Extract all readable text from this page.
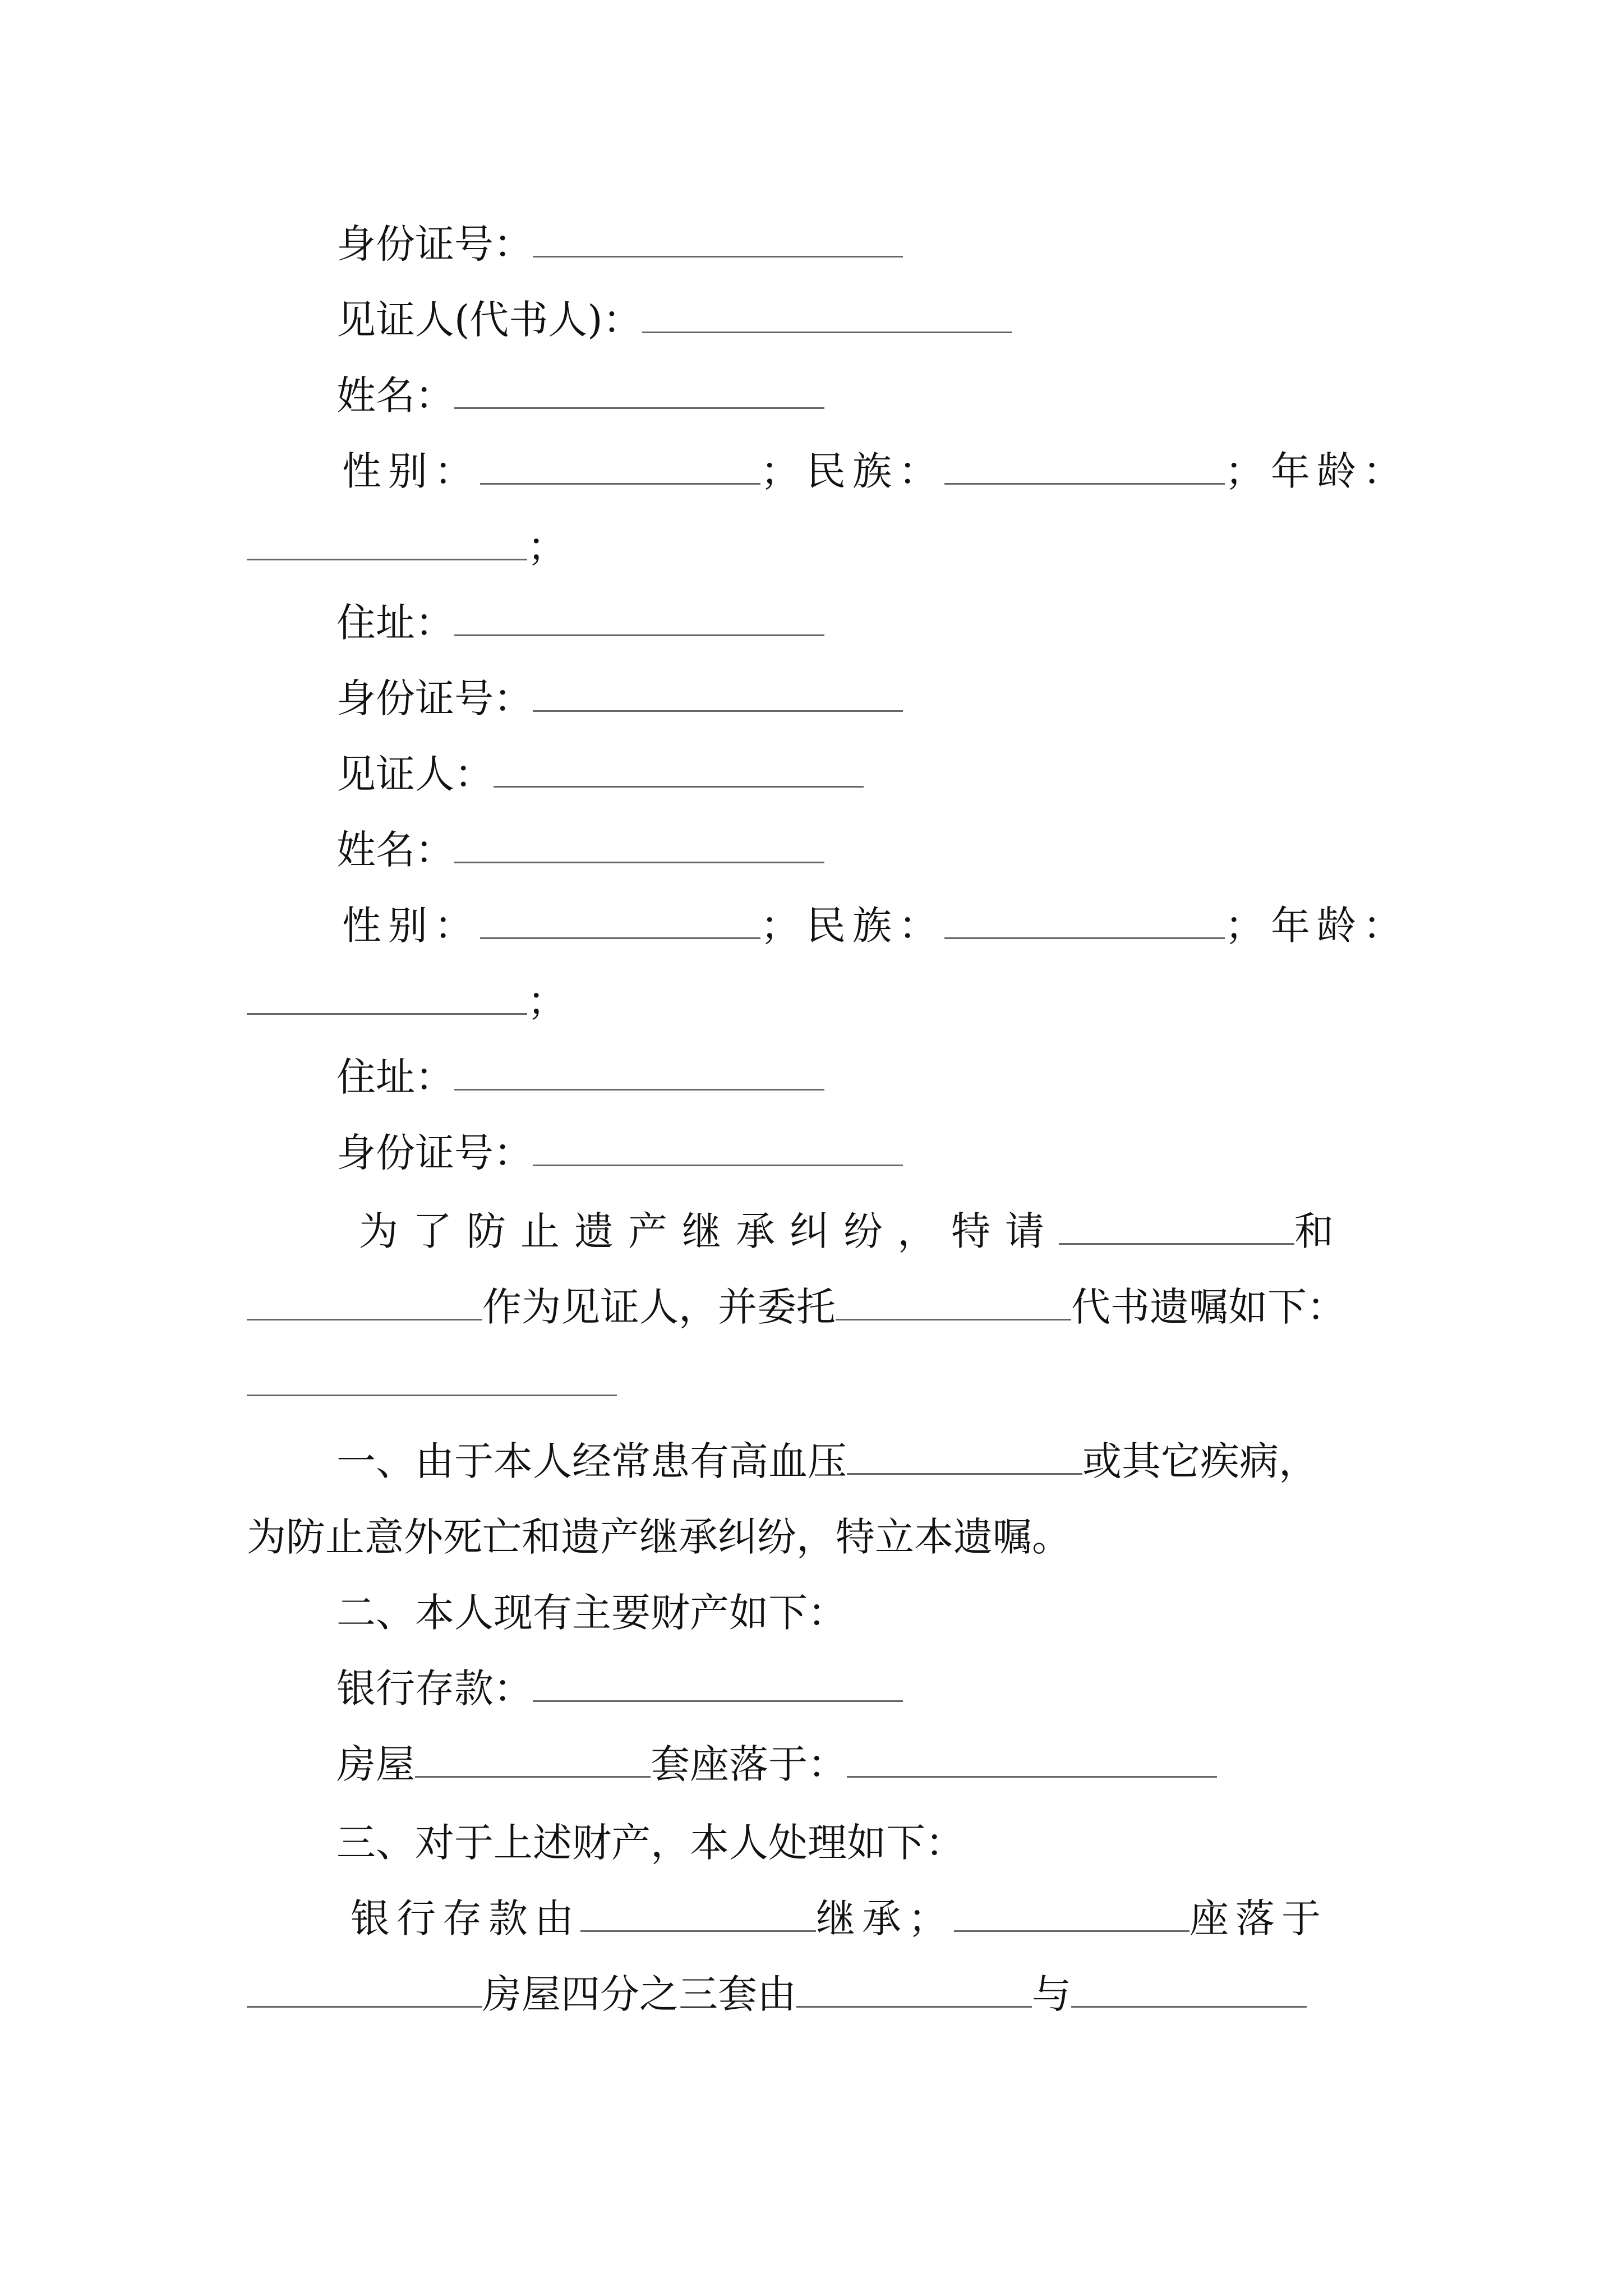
身份证号：
见证人(代书人)：
姓名：
性别：	；民族：	；年龄：
；
住址：
身份证号：
见证人：
姓名：
性别：	；民族：	；年龄：
；
住址：
身份证号：
为了防止遗产继承纠纷，特请	和
作为见证人，并委托	代书遗嘱如下：
一、由于本人经常患有高血压	或其它疾病，
为防止意外死亡和遗产继承纠纷，特立本遗嘱。
二、本人现有主要财产如下：
银行存款：
房屋	套座落于：
三、对于上述财产，本人处理如下：
银行存款由	继承；	座落于
房屋四分之三套由	与
